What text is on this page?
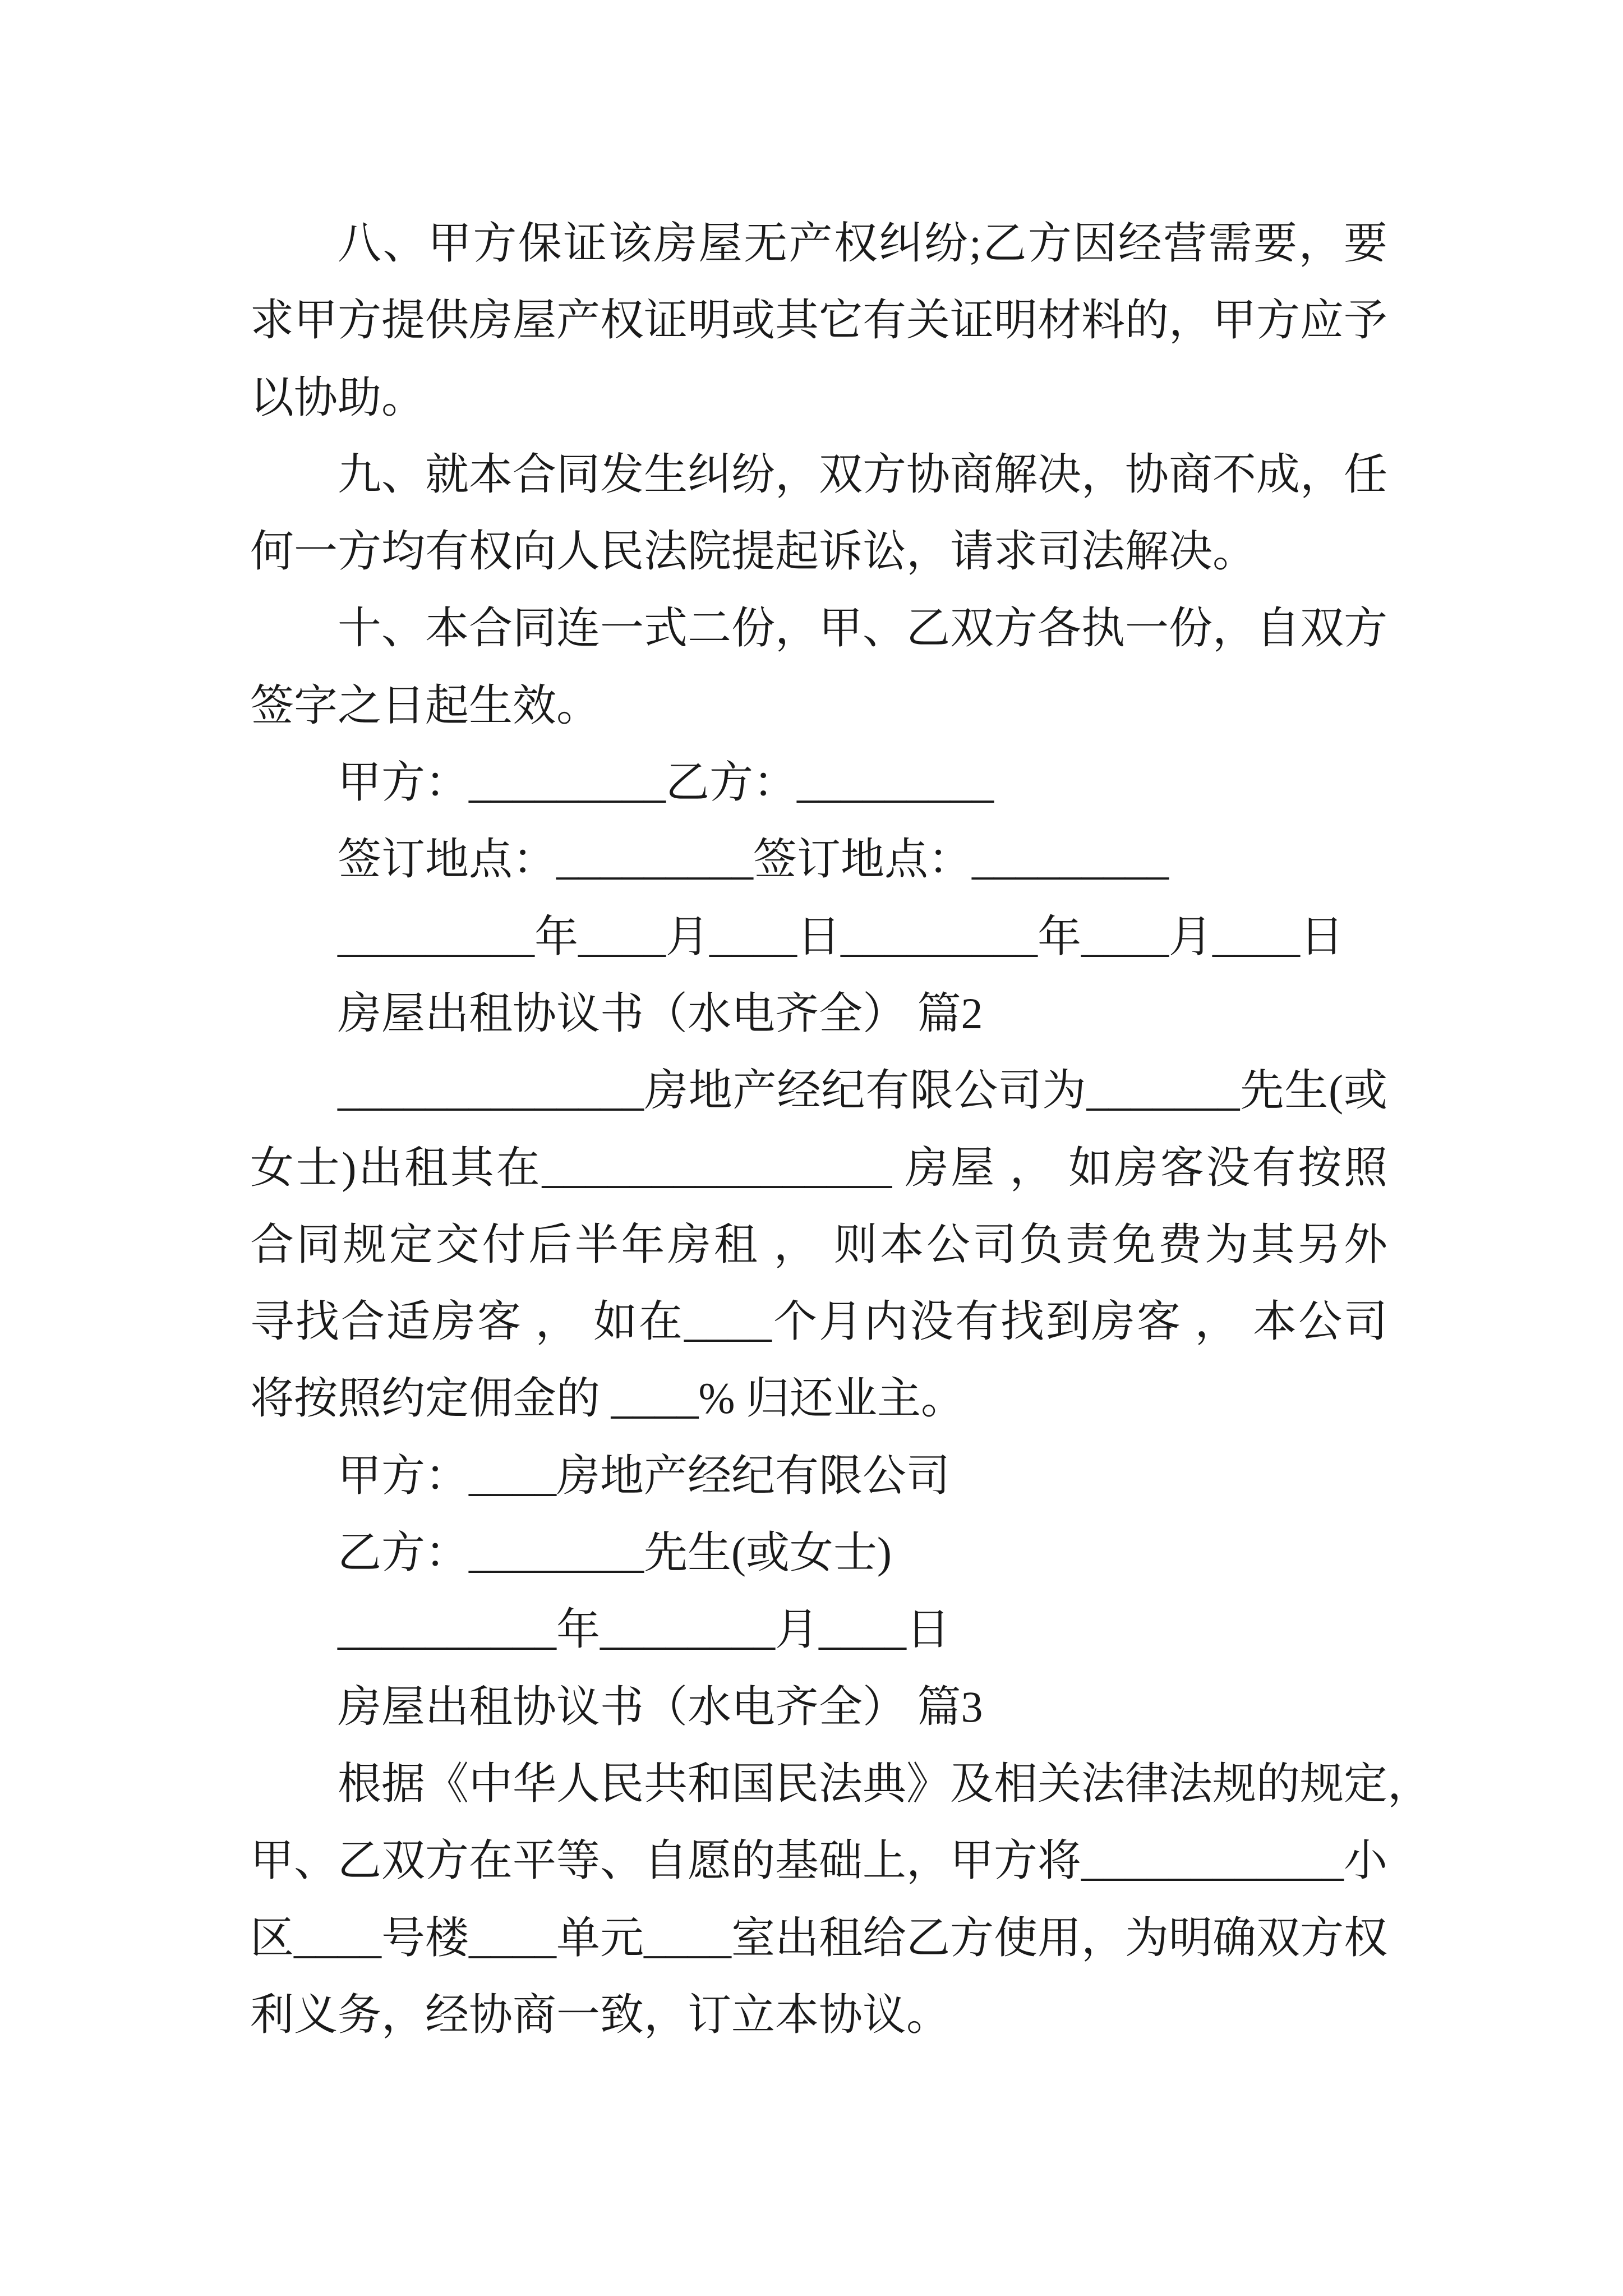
八、甲方保证该房屋无产权纠纷;乙方因经营需要，要
求甲方提供房屋产权证明或其它有关证明材料的，甲方应予
以协助。
九、就本合同发生纠纷，双方协商解决，协商不成，任
何一方均有权向人民法院提起诉讼，请求司法解决。
十、本合同连一式二份，甲、乙双方各执一份，自双方
签字之日起生效。
甲方：_________乙方：_________
签订地点：_________签订地点：_________
_________年____月____日_________年____月____日
房屋出租协议书（水电齐全） 篇2
______________房地产经纪有限公司为_______先生(或
女士)出租其在________________ 房屋 ， 如房客没有按照
合同规定交付后半年房租 ， 则本公司负责免费为其另外
寻找合适房客 ， 如在____个月内没有找到房客 ， 本公司
将按照约定佣金的 ____% 归还业主。
甲方：____房地产经纪有限公司
乙方：________先生(或女士)
__________年________月____日
房屋出租协议书（水电齐全） 篇3
根据《中华人民共和国民法典》及相关法律法规的规定，
甲、乙双方在平等、自愿的基础上，甲方将____________小
区____号楼____单元____室出租给乙方使用，为明确双方权
利义务，经协商一致，订立本协议。
